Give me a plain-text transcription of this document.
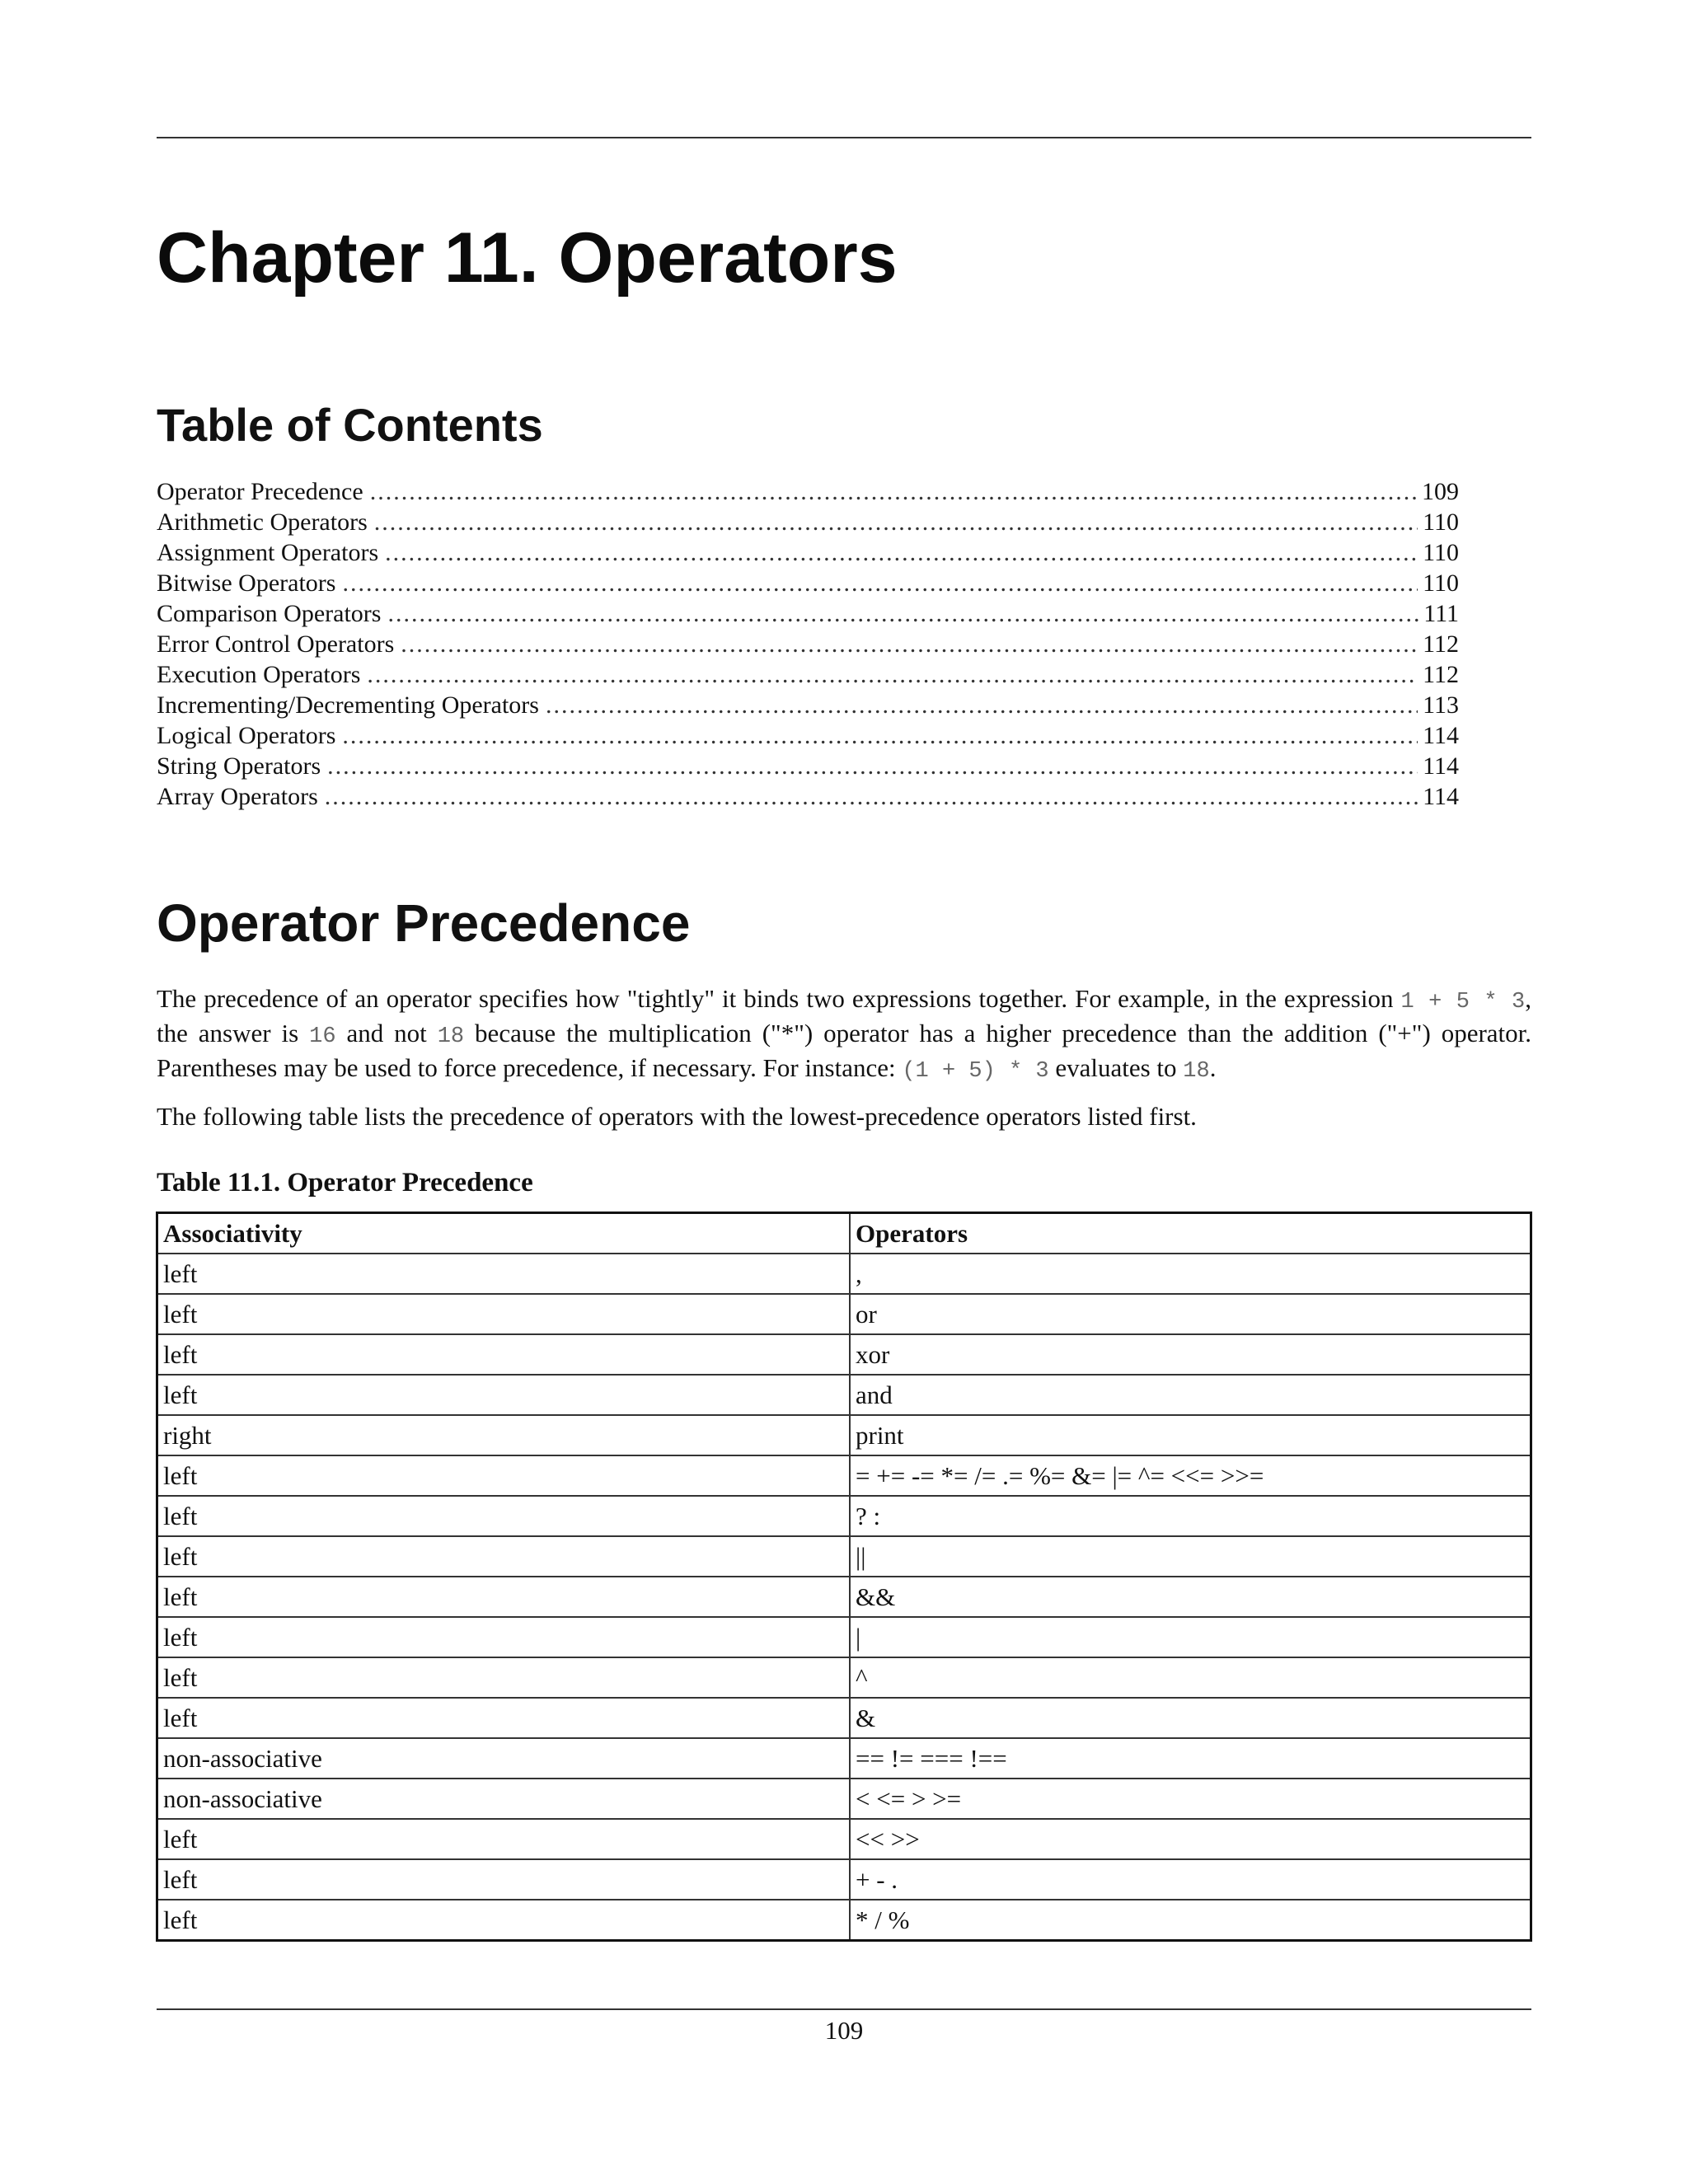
Chapter 11. Operators
Table of Contents
Operator Precedence .....	109
Arithmetic Operators .....	110
Assignment Operators .....	110
Bitwise Operators .....	110
Comparison Operators .....	111
Error Control Operators .....	112
Execution Operators .....	112
Incrementing/Decrementing Operators .....	113
Logical Operators .....	114
String Operators .....	114
Array Operators .....	114
Operator Precedence

The precedence of an operator specifies how "tightly" it binds two expressions together. For example, in the expression 1 + 5 * 3, the answer is 16 and not 18 because the multiplication ("*") operator has a higher precedence than the addition ("+") operator. Parentheses may be used to force precedence, if necessary. For instance: (1 + 5) * 3 evaluates to 18.

The following table lists the precedence of operators with the lowest-precedence operators listed first.

Table 11.1. Operator Precedence

Associativity	Operators
left	,
left	or
left	xor
left	and
right	print
left	= += -= *= /= .= %= &= |= ^= <<= >>=
left	? :
left	||
left	&&
left	|
left	^
left	&
non-associative	== != === !==
non-associative	< <= > >=
left	<< >>
left	+ - .
left	* / %
109
